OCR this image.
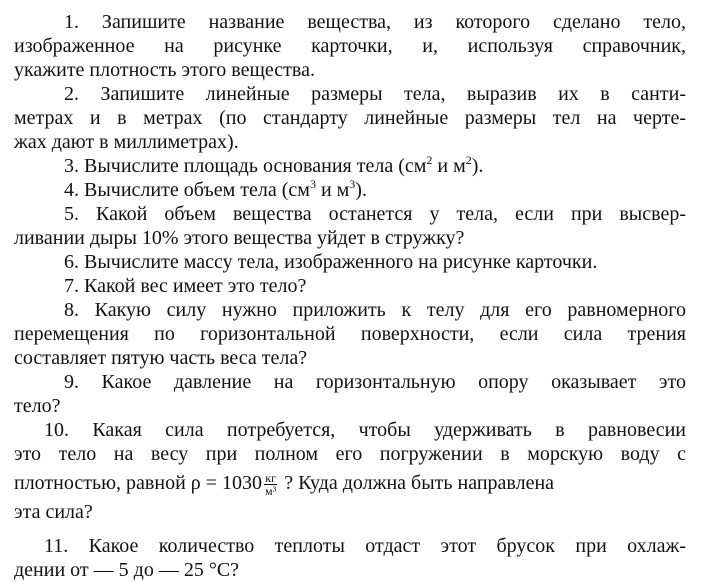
1. Запишите название вещества, из которого сделано тело,
изображенное на рисунке карточки, и, используя справочник,
укажите плотность этого вещества.
2. Запишите линейные размеры тела, выразив их в санти-
метрах и в метрах (по стандарту линейные размеры тел на черте-
жах дают в миллиметрах).
3. Вычислите площадь основания тела ($см^2$ и $м^2$).
4. Вычислите объем тела ($см^3$ и $м^3$).
5. Какой объем вещества останется у тела, если при высвер-
ливании дыры 10% этого вещества уйдет в стружку?
6. Вычислите массу тела, изображенного на рисунке карточки.
7. Какой вес имеет это тело?
8. Какую силу нужно приложить к телу для его равномерного
перемещения по горизонтальной поверхности, если сила трения
составляет пятую часть веса тела?
9. Какое давление на горизонтальную опору оказывает это
тело?
10. Какая сила потребуется, чтобы удерживать в равновесии
это тело на весу при полном его погружении в морскую воду с
плотностью, равной $\rho = 1030 \frac{кг}{\text{м³}}$ ? Куда должна быть направлена
эта сила?
11. Какое количество теплоты отдаст этот брусок при охлаж-
дении от — 5 до — 25 °С?
